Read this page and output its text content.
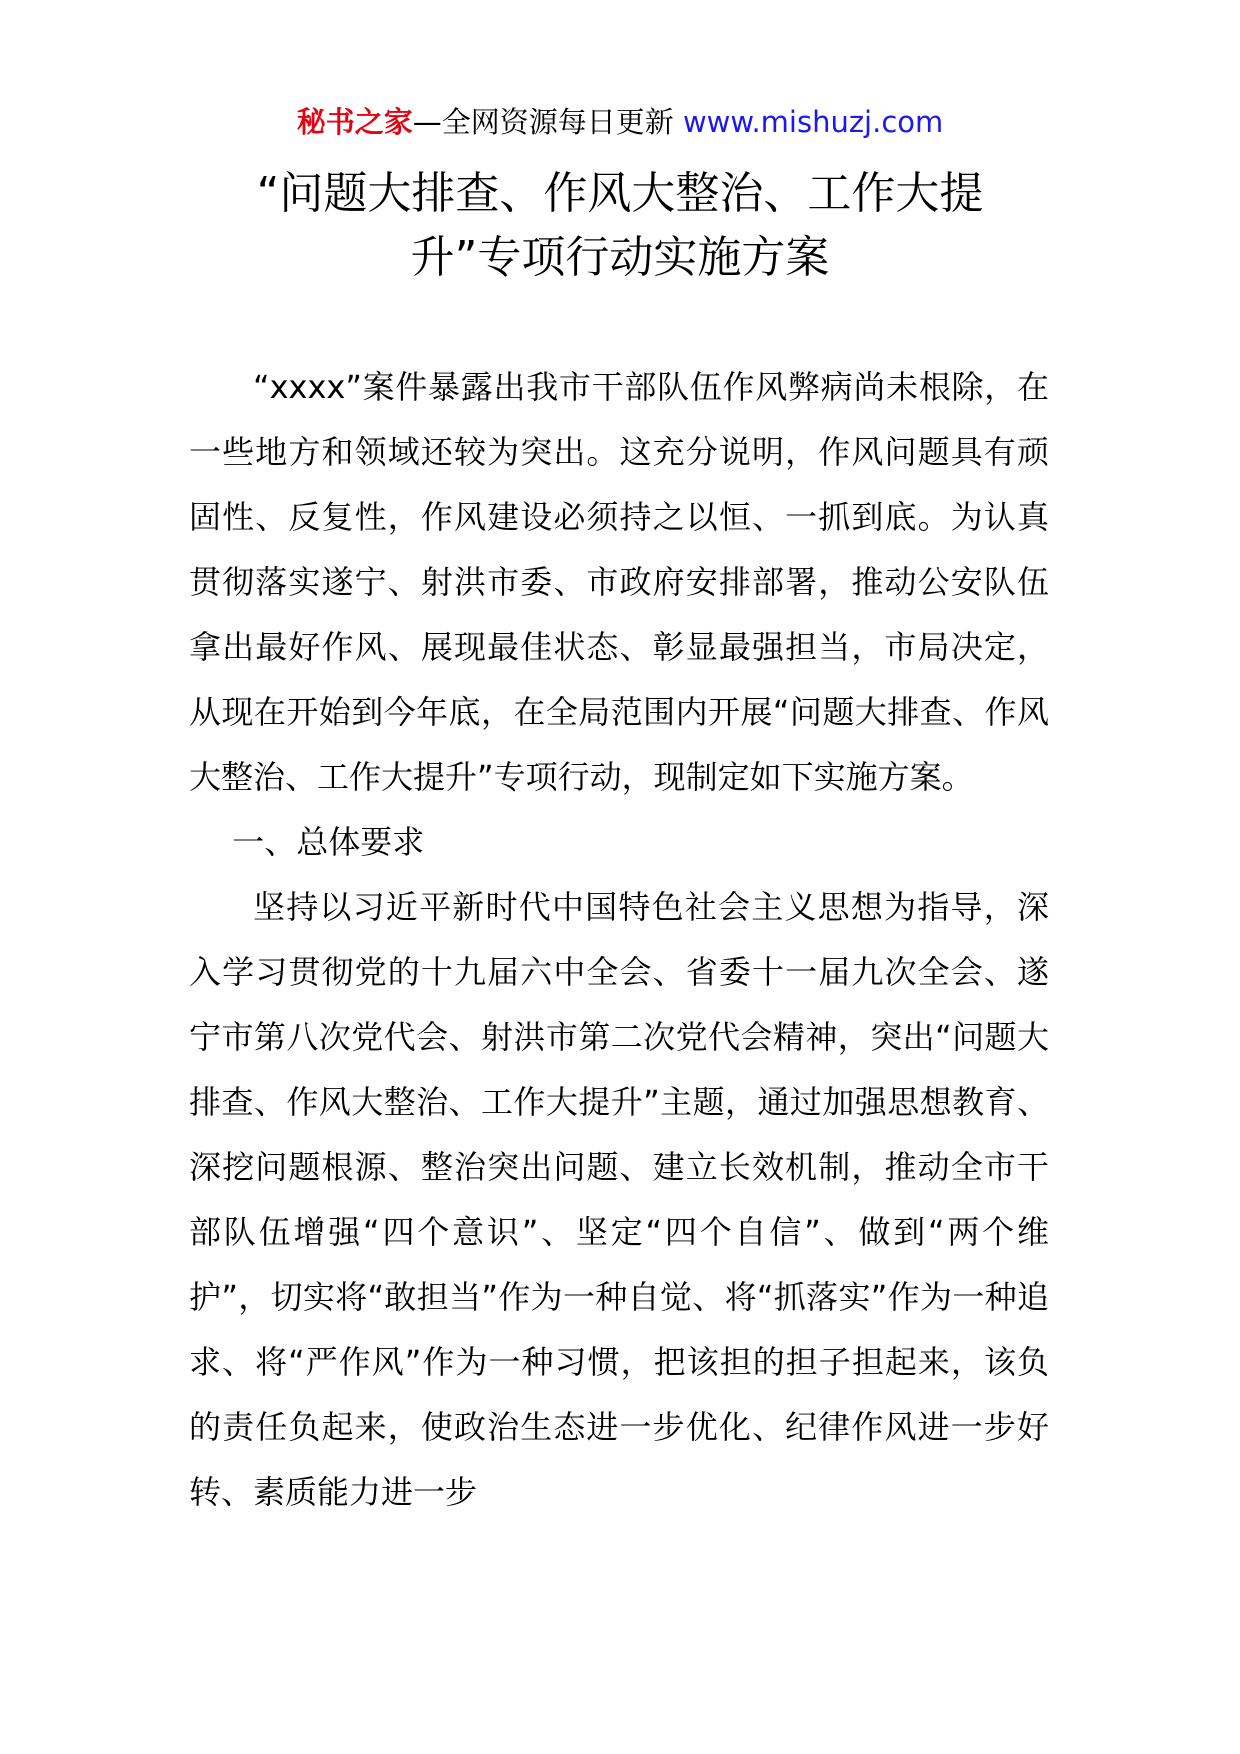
秘书之家—全网资源每日更新 www.mishuzj.com
“问题大排查、作风大整治、工作大提
升”专项行动实施方案

“xxxx”案件暴露出我市干部队伍作风弊病尚未根除，在一些地方和领域还较为突出。这充分说明，作风问题具有顽固性、反复性，作风建设必须持之以恒、一抓到底。为认真贯彻落实遂宁、射洪市委、市政府安排部署，推动公安队伍拿出最好作风、展现最佳状态、彰显最强担当，市局决定，从现在开始到今年底，在全局范围内开展“问题大排查、作风大整治、工作大提升”专项行动，现制定如下实施方案。

一、总体要求

坚持以习近平新时代中国特色社会主义思想为指导，深入学习贯彻党的十九届六中全会、省委十一届九次全会、遂宁市第八次党代会、射洪市第二次党代会精神，突出“问题大排查、作风大整治、工作大提升”主题，通过加强思想教育、深挖问题根源、整治突出问题、建立长效机制，推动全市干部队伍增强“四个意识”、坚定“四个自信”、做到“两个维护”，切实将“敢担当”作为一种自觉、将“抓落实”作为一种追求、将“严作风”作为一种习惯，把该担的担子担起来，该负的责任负起来，使政治生态进一步优化、纪律作风进一步好转、素质能力进一步
